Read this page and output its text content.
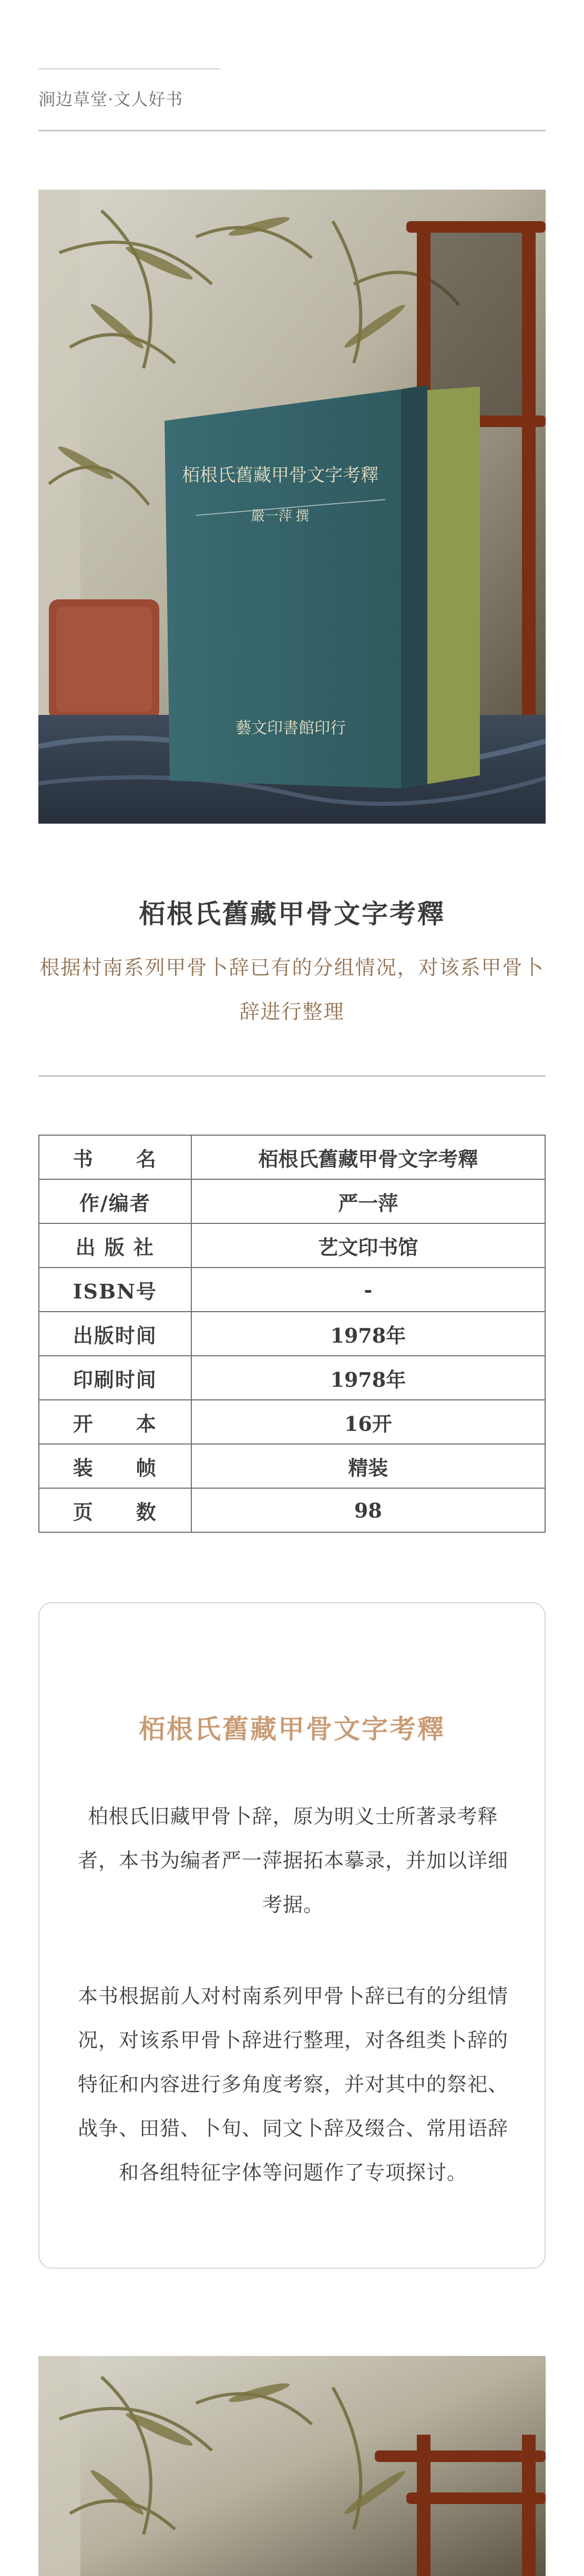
涧边草堂·文人好书
栢根氏舊藏甲骨文字考釋
嚴一萍 撰
藝文印書館印行
栢根氏舊藏甲骨文字考釋
根据村南系列甲骨卜辞已有的分组情况，对该系甲骨卜辞进行整理
书　　名	栢根氏舊藏甲骨文字考釋
作/编者	严一萍
出 版 社	艺文印书馆
ISBN号	-
出版时间	1978年
印刷时间	1978年
开　　本	16开
装　　帧	精装
页　　数	98
栢根氏舊藏甲骨文字考釋

柏根氏旧藏甲骨卜辞，原为明义士所著录考释者，本书为编者严一萍据拓本摹录，并加以详细考据。

本书根据前人对村南系列甲骨卜辞已有的分组情况，对该系甲骨卜辞进行整理，对各组类卜辞的特征和内容进行多角度考察，并对其中的祭祀、战争、田猎、卜旬、同文卜辞及缀合、常用语辞和各组特征字体等问题作了专项探讨。
